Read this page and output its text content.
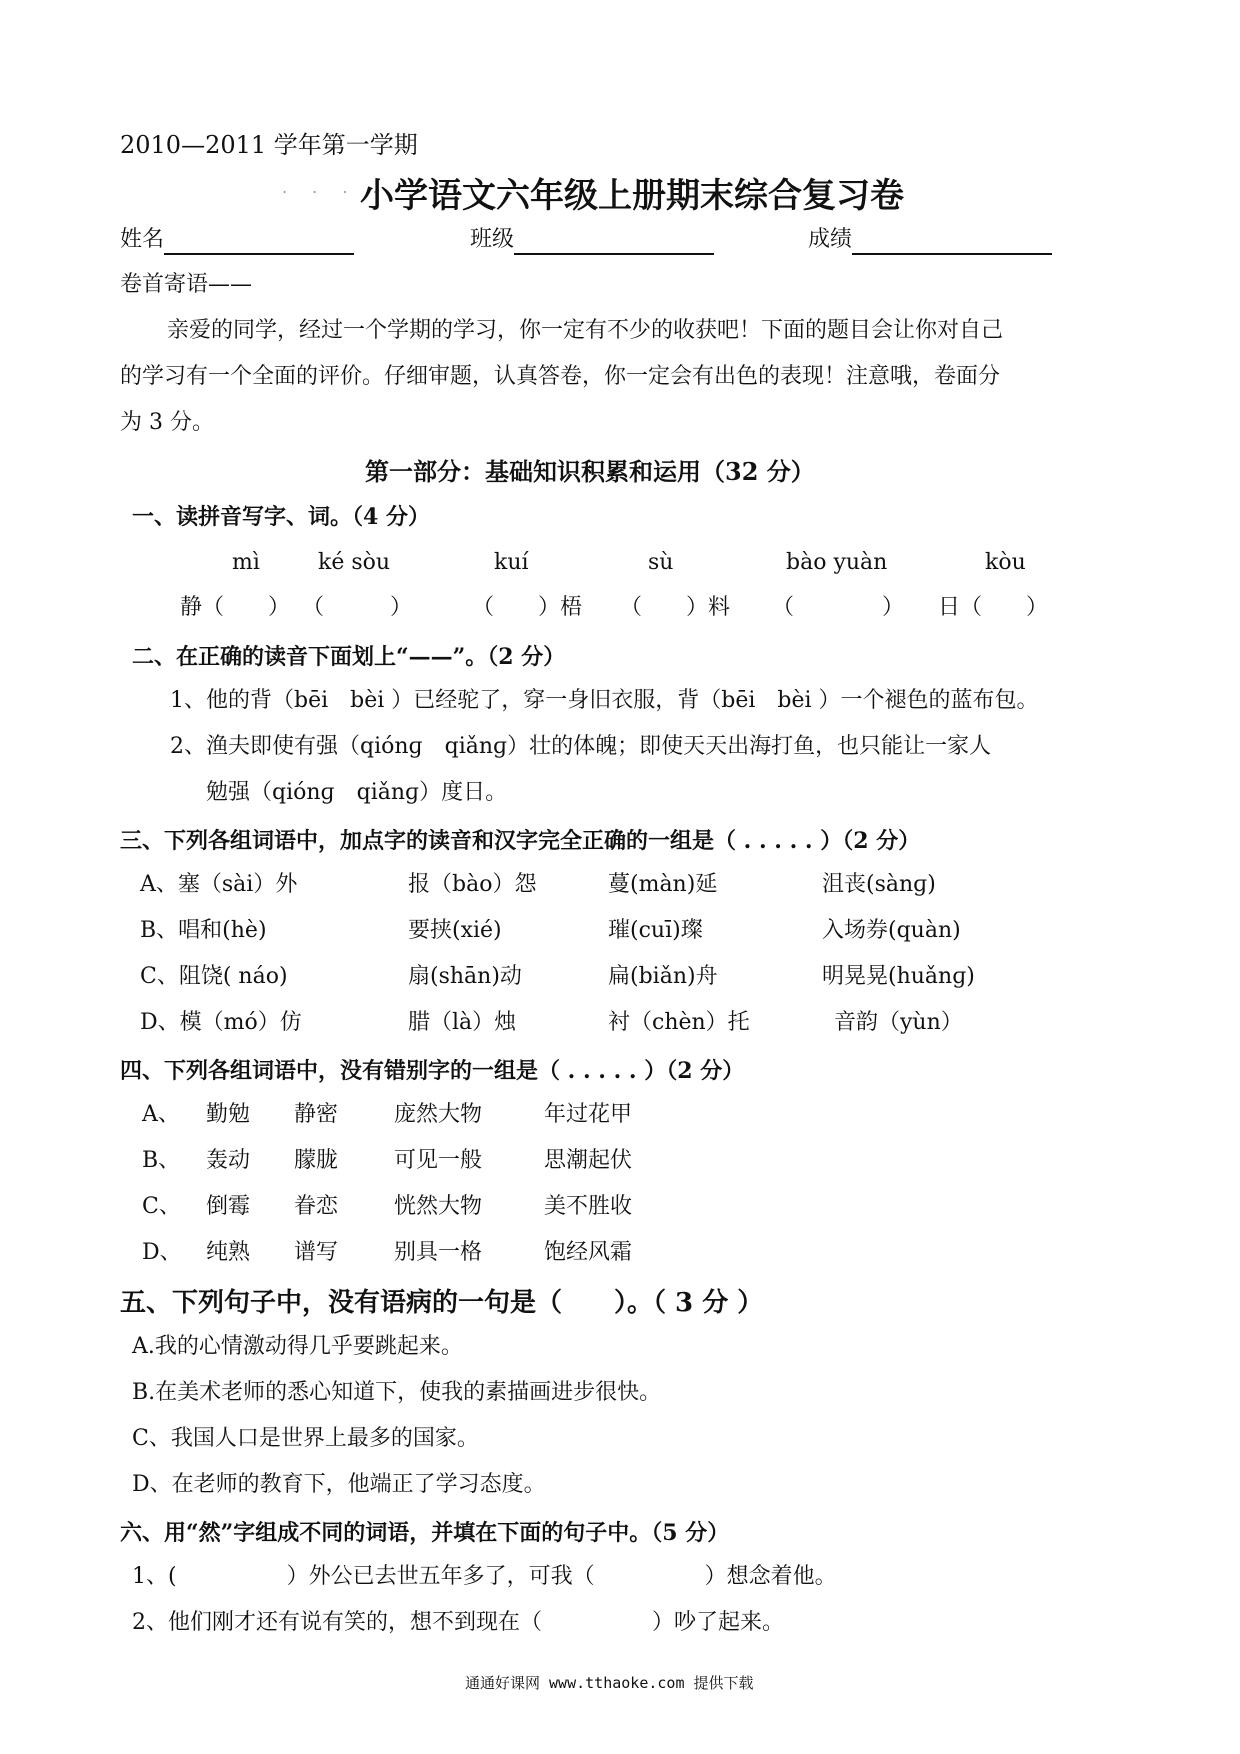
2010—2011 学年第一学期
. . . .
小学语文六年级上册期末综合复习卷
姓名	班级	成绩
卷首寄语——
亲爱的同学，经过一个学期的学习，你一定有不少的收获吧！下面的题目会让你对自己
的学习有一个全面的评价。仔细审题，认真答卷，你一定会有出色的表现！注意哦，卷面分
为 3 分。
第一部分：基础知识积累和运用（32 分）
一、读拼音写字、词。（4 分）
mì	ké sòu	kuí	sù	bào yuàn	kòu
静（　　） （　　　）	（　　）梧 （　　）料 （　　　　） 日（　　）
二、在正确的读音下面划上“——”。（2 分）
1、他的背（bēi　bèi ）已经驼了，穿一身旧衣服，背（bēi　bèi ）一个褪色的蓝布包。
2、渔夫即使有强（qiónɡ　qiǎnɡ）壮的体魄；即使天天出海打鱼，也只能让一家人
勉强（qiónɡ　qiǎnɡ）度日。
三、下列各组词语中，加点字的读音和汉字完全正确的一组是（ . . . . . ）（2 分）
A、塞（sài）外	报（bào）怨	蔓(màn)延	沮丧(sànɡ)
B、唱和(hè)	要挟(xié)	璀(cuī)璨	入场券(quàn)
C、阻饶( náo)	扇(shān)动	扁(biǎn)舟	明晃晃(huǎnɡ)
D、模（mó）仿	腊（là）烛	衬（chèn）托	音韵（yùn）
四、下列各组词语中，没有错别字的一组是（ . . . . . ）（2 分）
A、 勤勉 静密	庞然大物	年过花甲
B、 轰动 朦胧	可见一般	思潮起伏
C、 倒霉 眷恋	恍然大物	美不胜收
D、 纯熟 谱写	别具一格	饱经风霜
五、下列句子中，没有语病的一句是（　　）。（ 3 分 ）
A.我的心情激动得几乎要跳起来。
B.在美术老师的悉心知道下，使我的素描画进步很快。
C、我国人口是世界上最多的国家。
D、在老师的教育下，他端正了学习态度。
六、用“然”字组成不同的词语，并填在下面的句子中。（5 分）
1、(　　　　　）外公已去世五年多了，可我（　　　　　）想念着他。
2、他们刚才还有说有笑的，想不到现在（　　　　　）吵了起来。
通通好课网 www.tthaoke.com 提供下载
